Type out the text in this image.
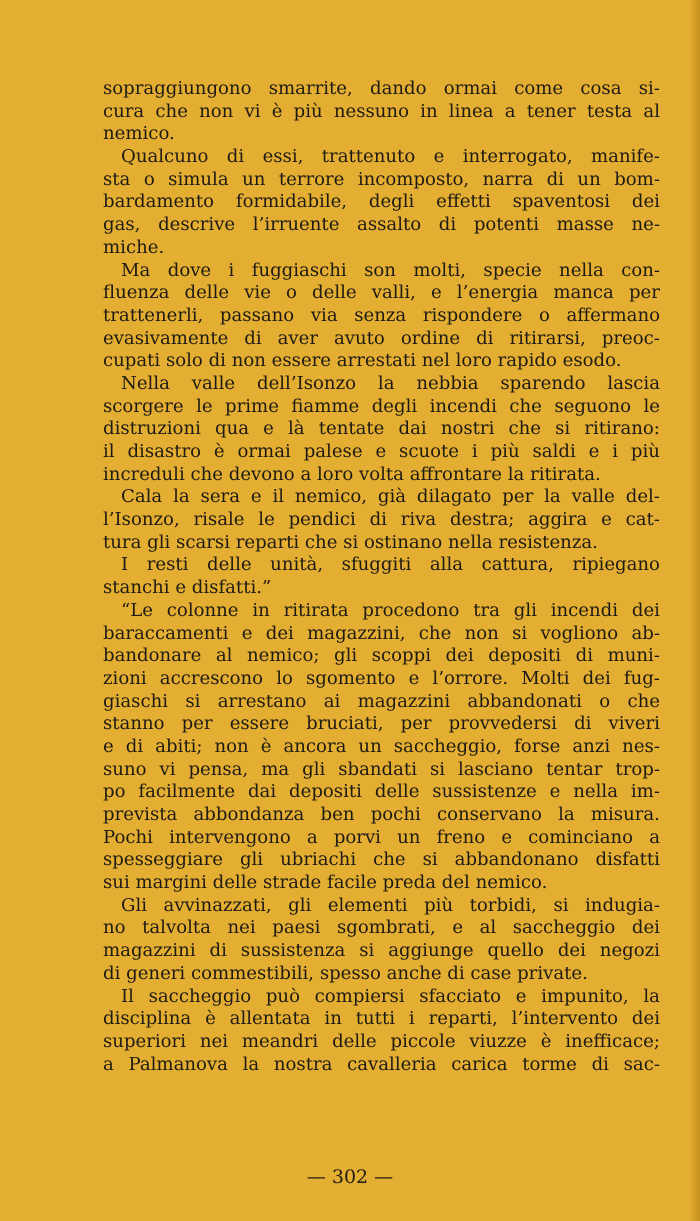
sopraggiungono smarrite, dando ormai come cosa si-
cura che non vi è più nessuno in linea a tener testa al
nemico.
Qualcuno di essi, trattenuto e interrogato, manife-
sta o simula un terrore incomposto, narra di un bom-
bardamento formidabile, degli effetti spaventosi dei
gas, descrive l’irruente assalto di potenti masse ne-
miche.
Ma dove i fuggiaschi son molti, specie nella con-
fluenza delle vie o delle valli, e l’energia manca per
trattenerli, passano via senza rispondere o affermano
evasivamente di aver avuto ordine di ritirarsi, preoc-
cupati solo di non essere arrestati nel loro rapido esodo.
Nella valle dell’Isonzo la nebbia sparendo lascia
scorgere le prime fiamme degli incendi che seguono le
distruzioni qua e là tentate dai nostri che si ritirano:
il disastro è ormai palese e scuote i più saldi e i più
increduli che devono a loro volta affrontare la ritirata.
Cala la sera e il nemico, già dilagato per la valle del-
l’Isonzo, risale le pendici di riva destra; aggira e cat-
tura gli scarsi reparti che si ostinano nella resistenza.
I resti delle unità, sfuggiti alla cattura, ripiegano
stanchi e disfatti.”
“Le colonne in ritirata procedono tra gli incendi dei
baraccamenti e dei magazzini, che non si vogliono ab-
bandonare al nemico; gli scoppi dei depositi di muni-
zioni accrescono lo sgomento e l’orrore. Molti dei fug-
giaschi si arrestano ai magazzini abbandonati o che
stanno per essere bruciati, per provvedersi di viveri
e di abiti; non è ancora un saccheggio, forse anzi nes-
suno vi pensa, ma gli sbandati si lasciano tentar trop-
po facilmente dai depositi delle sussistenze e nella im-
prevista abbondanza ben pochi conservano la misura.
Pochi intervengono a porvi un freno e cominciano a
spesseggiare gli ubriachi che si abbandonano disfatti
sui margini delle strade facile preda del nemico.
Gli avvinazzati, gli elementi più torbidi, si indugia-
no talvolta nei paesi sgombrati, e al saccheggio dei
magazzini di sussistenza si aggiunge quello dei negozi
di generi commestibili, spesso anche di case private.
Il saccheggio può compiersi sfacciato e impunito, la
disciplina è allentata in tutti i reparti, l’intervento dei
superiori nei meandri delle piccole viuzze è inefficace;
a Palmanova la nostra cavalleria carica torme di sac-
— 302 —
